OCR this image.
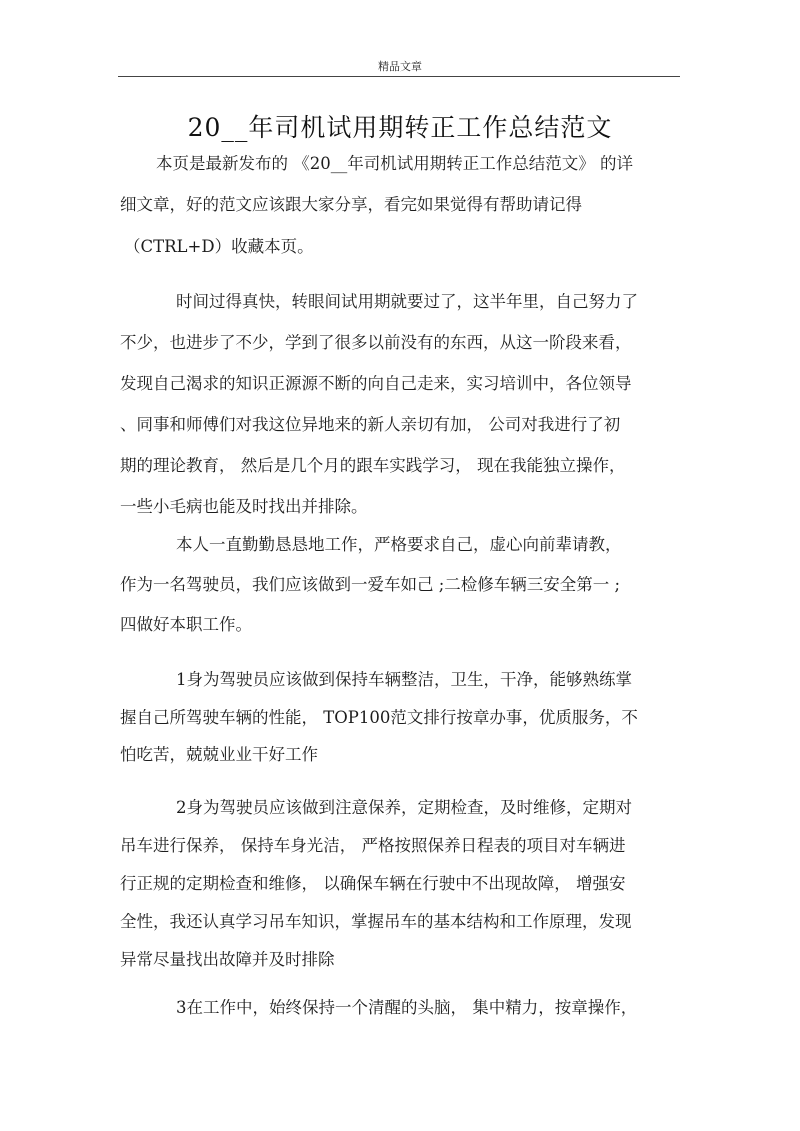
精品文章
20__年司机试用期转正工作总结范文
本页是最新发布的 《20__年司机试用期转正工作总结范文》 的详
细文章，好的范文应该跟大家分享，看完如果觉得有帮助请记得
（CTRL+D）收藏本页。
时间过得真快，转眼间试用期就要过了，这半年里，自己努力了
不少，也进步了不少，学到了很多以前没有的东西，从这一阶段来看，
发现自己渴求的知识正源源不断的向自己走来，实习培训中，各位领导
、同事和师傅们对我这位异地来的新人亲切有加， 公司对我进行了初
期的理论教育， 然后是几个月的跟车实践学习， 现在我能独立操作，
一些小毛病也能及时找出并排除。
本人一直勤勤恳恳地工作，严格要求自己，虚心向前辈请教，
作为一名驾驶员，我们应该做到一爱车如己 ;二检修车辆三安全第一 ;
四做好本职工作。
1身为驾驶员应该做到保持车辆整洁，卫生，干净，能够熟练掌
握自己所驾驶车辆的性能， TOP100范文排行按章办事，优质服务，不
怕吃苦，兢兢业业干好工作
2身为驾驶员应该做到注意保养，定期检查，及时维修，定期对
吊车进行保养， 保持车身光洁， 严格按照保养日程表的项目对车辆进
行正规的定期检查和维修， 以确保车辆在行驶中不出现故障， 增强安
全性，我还认真学习吊车知识，掌握吊车的基本结构和工作原理，发现
异常尽量找出故障并及时排除
3在工作中，始终保持一个清醒的头脑， 集中精力，按章操作，
